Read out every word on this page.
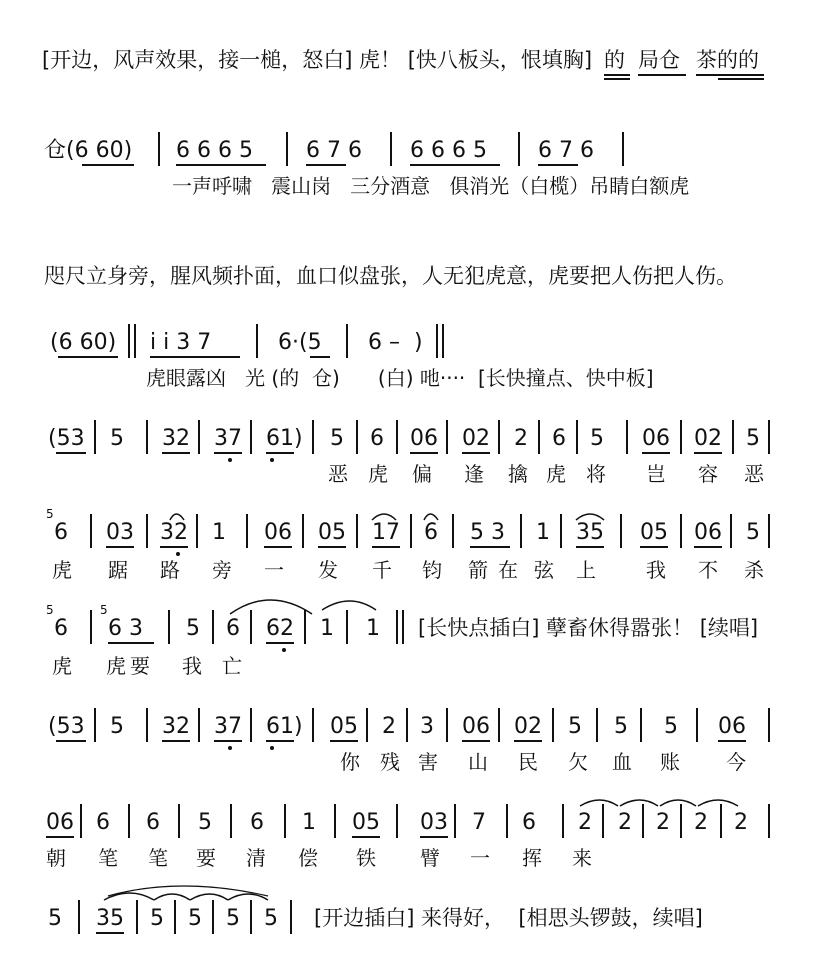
[开边，风声效果，接一槌，怒白] 虎！ [快八板头，恨填胸] 的 局仓 茶的的
仓(6 60) 6 6 6 5 6 7 6 6 6 6 5 6 7 6
一声呼啸   震山岗   三分酒意   俱消光（白榄）吊睛白额虎
咫尺立身旁，腥风频扑面，血口似盘张，人无犯虎意，虎要把人伤把人伤。
(6 60) i i 3 7	6·(5 6 –  )
虎眼露凶   光 (的  仓)      (白) 吔····  [长快撞点、快中板]
(53 5 32 37 61) 5 6 06 02 2 6 5 06 02 5
恶 虎 偏 逢 擒 虎 将 岂 容 恶
5
6 03 32 1 06 05 17 6 5 3 1 35 05 06 5
虎 踞 路 旁 一 发 千 钧 箭 在 弦 上	我 不 杀
5
6
5
6 3 5 6 62 1 1 [长快点插白] 孽畜休得嚣张！ [续唱]
虎 虎 要 我 亡
(53 5 32 37 61) 05 2 3 06 02 5 5 5 06
你 残 害 山 民 欠 血 账 今
06 6 6 5 6 1 05 03 7 6 2 2 2 2 2
朝 笔 笔 要 清 偿 铁 臂 一 挥 来
5 35 5 5 5 5 [开边插白] 来得好，  [相思头锣鼓，续唱]
